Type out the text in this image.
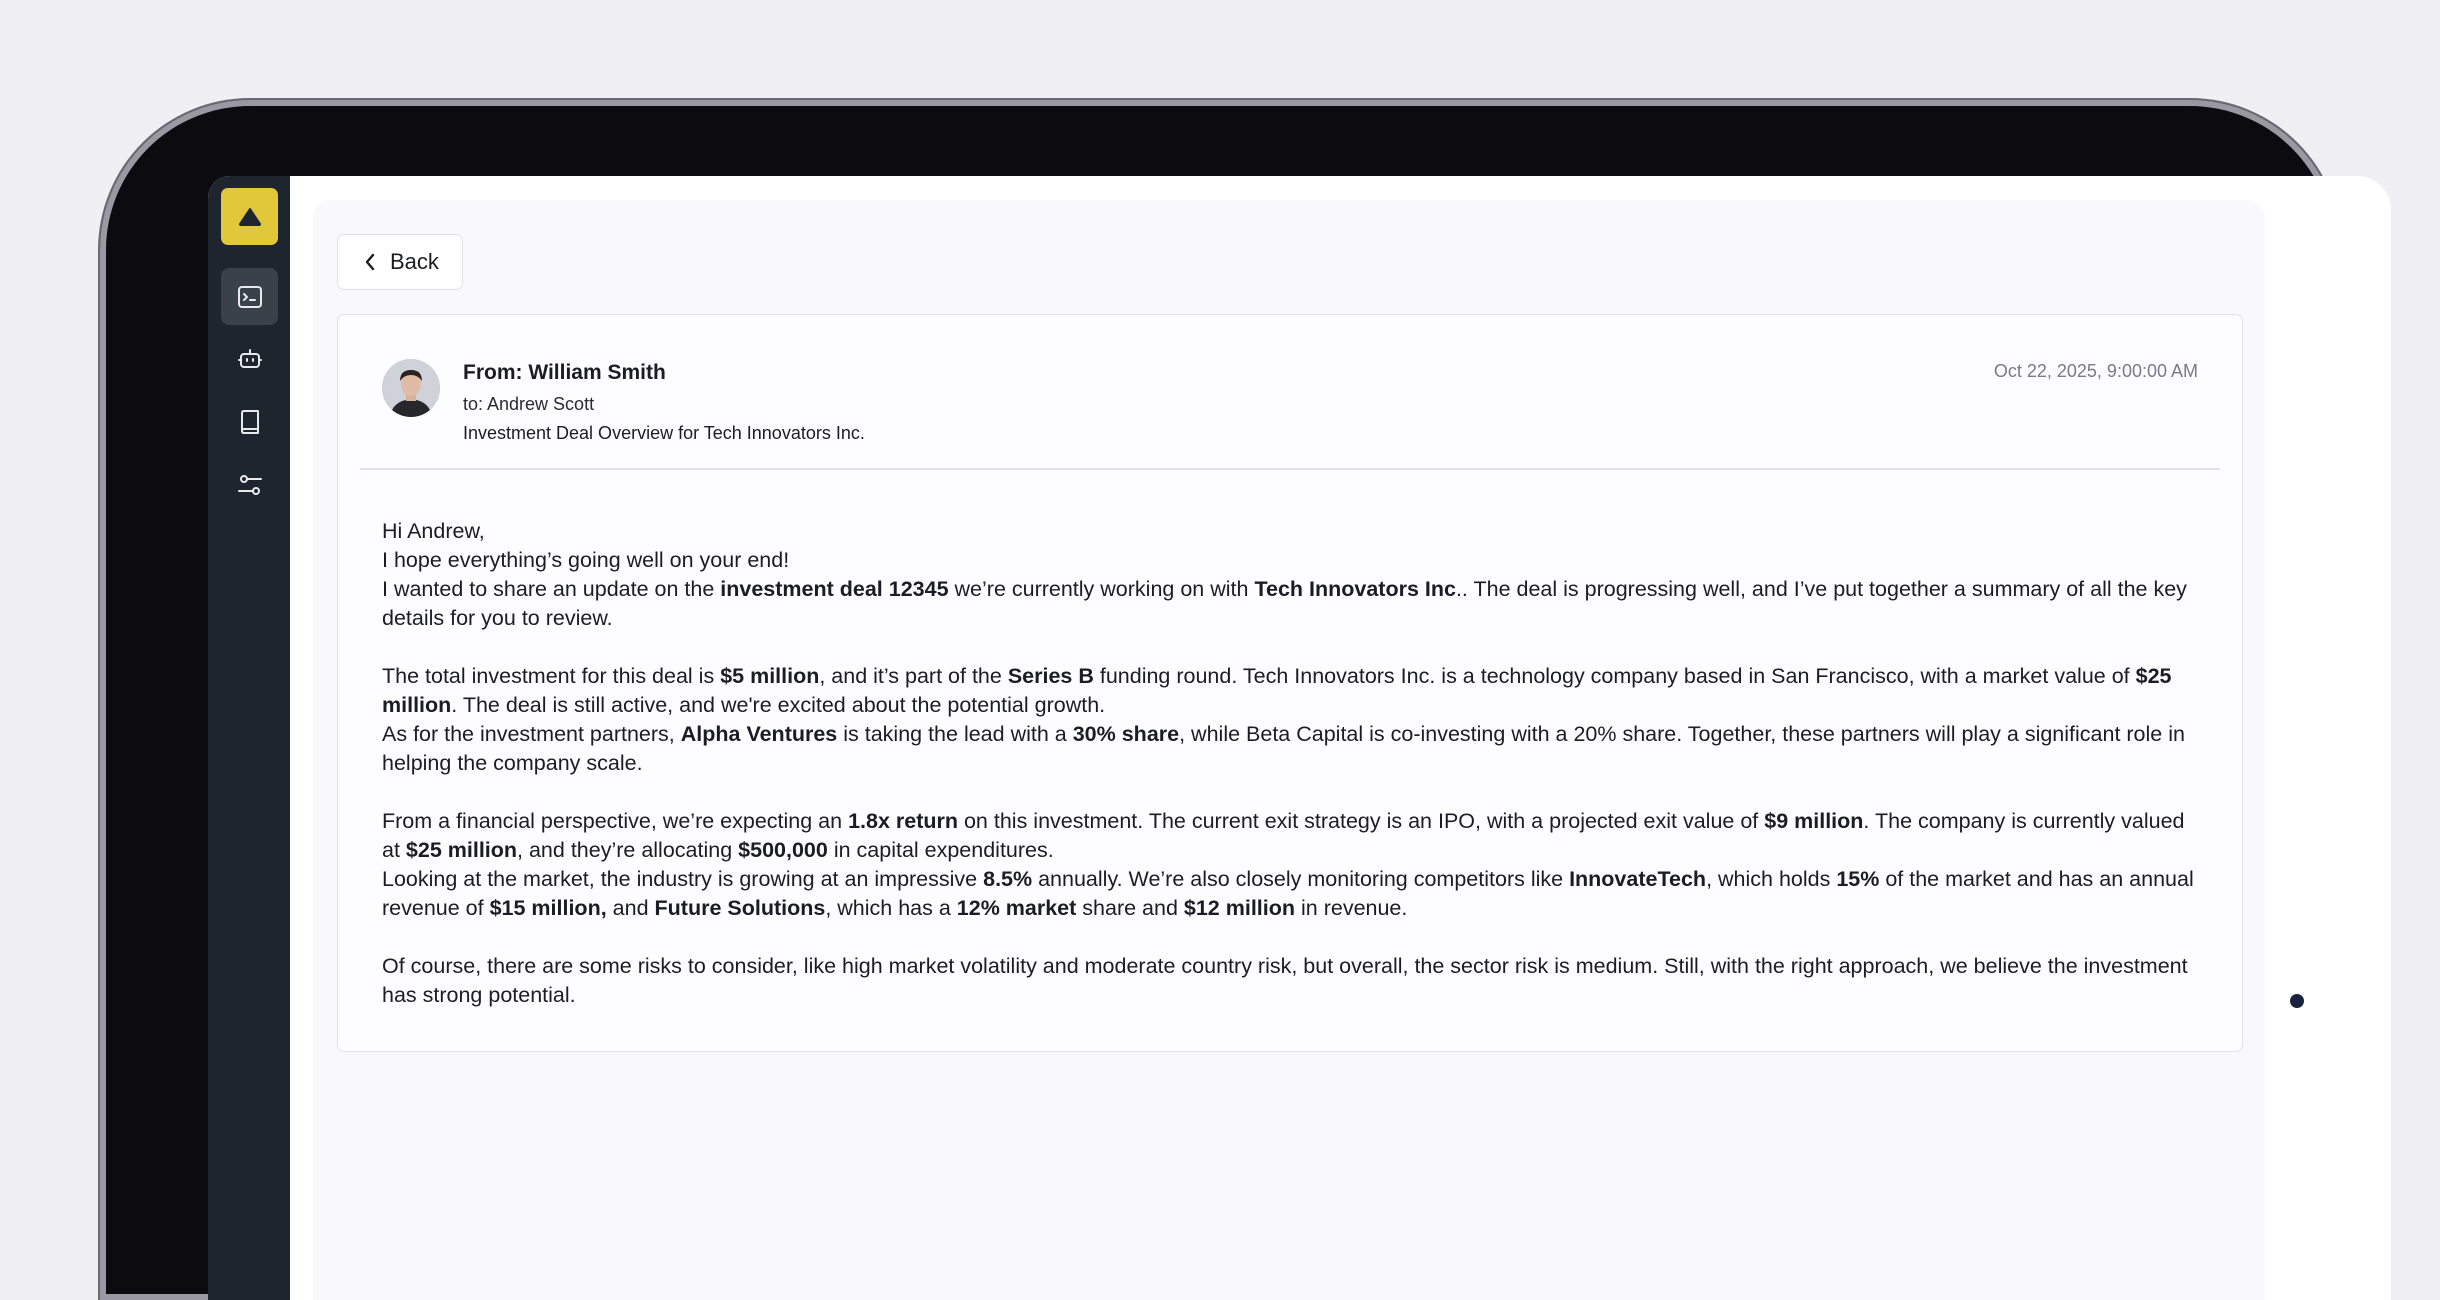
Back
From: William Smith
to: Andrew Scott
Investment Deal Overview for Tech Innovators Inc.
Oct 22, 2025, 9:00:00 AM

Hi Andrew,

I hope everything’s going well on your end!

I wanted to share an update on the investment deal 12345 we’re currently working on with Tech Innovators Inc.. The deal is progressing well, and I’ve put together a summary of all the key details for you to review.

The total investment for this deal is $5 million, and it’s part of the Series B funding round. Tech Innovators Inc. is a technology company based in San Francisco, with a market value of $25 million. The deal is still active, and we're excited about the potential growth.

As for the investment partners, Alpha Ventures is taking the lead with a 30% share, while Beta Capital is co-investing with a 20% share. Together, these partners will play a significant role in helping the company scale.

From a financial perspective, we’re expecting an 1.8x return on this investment. The current exit strategy is an IPO, with a projected exit value of $9 million. The company is currently valued at $25 million, and they’re allocating $500,000 in capital expenditures.

Looking at the market, the industry is growing at an impressive 8.5% annually. We’re also closely monitoring competitors like InnovateTech, which holds 15% of the market and has an annual revenue of $15 million, and Future Solutions, which has a 12% market share and $12 million in revenue.

Of course, there are some risks to consider, like high market volatility and moderate country risk, but overall, the sector risk is medium. Still, with the right approach, we believe the investment has strong potential.
